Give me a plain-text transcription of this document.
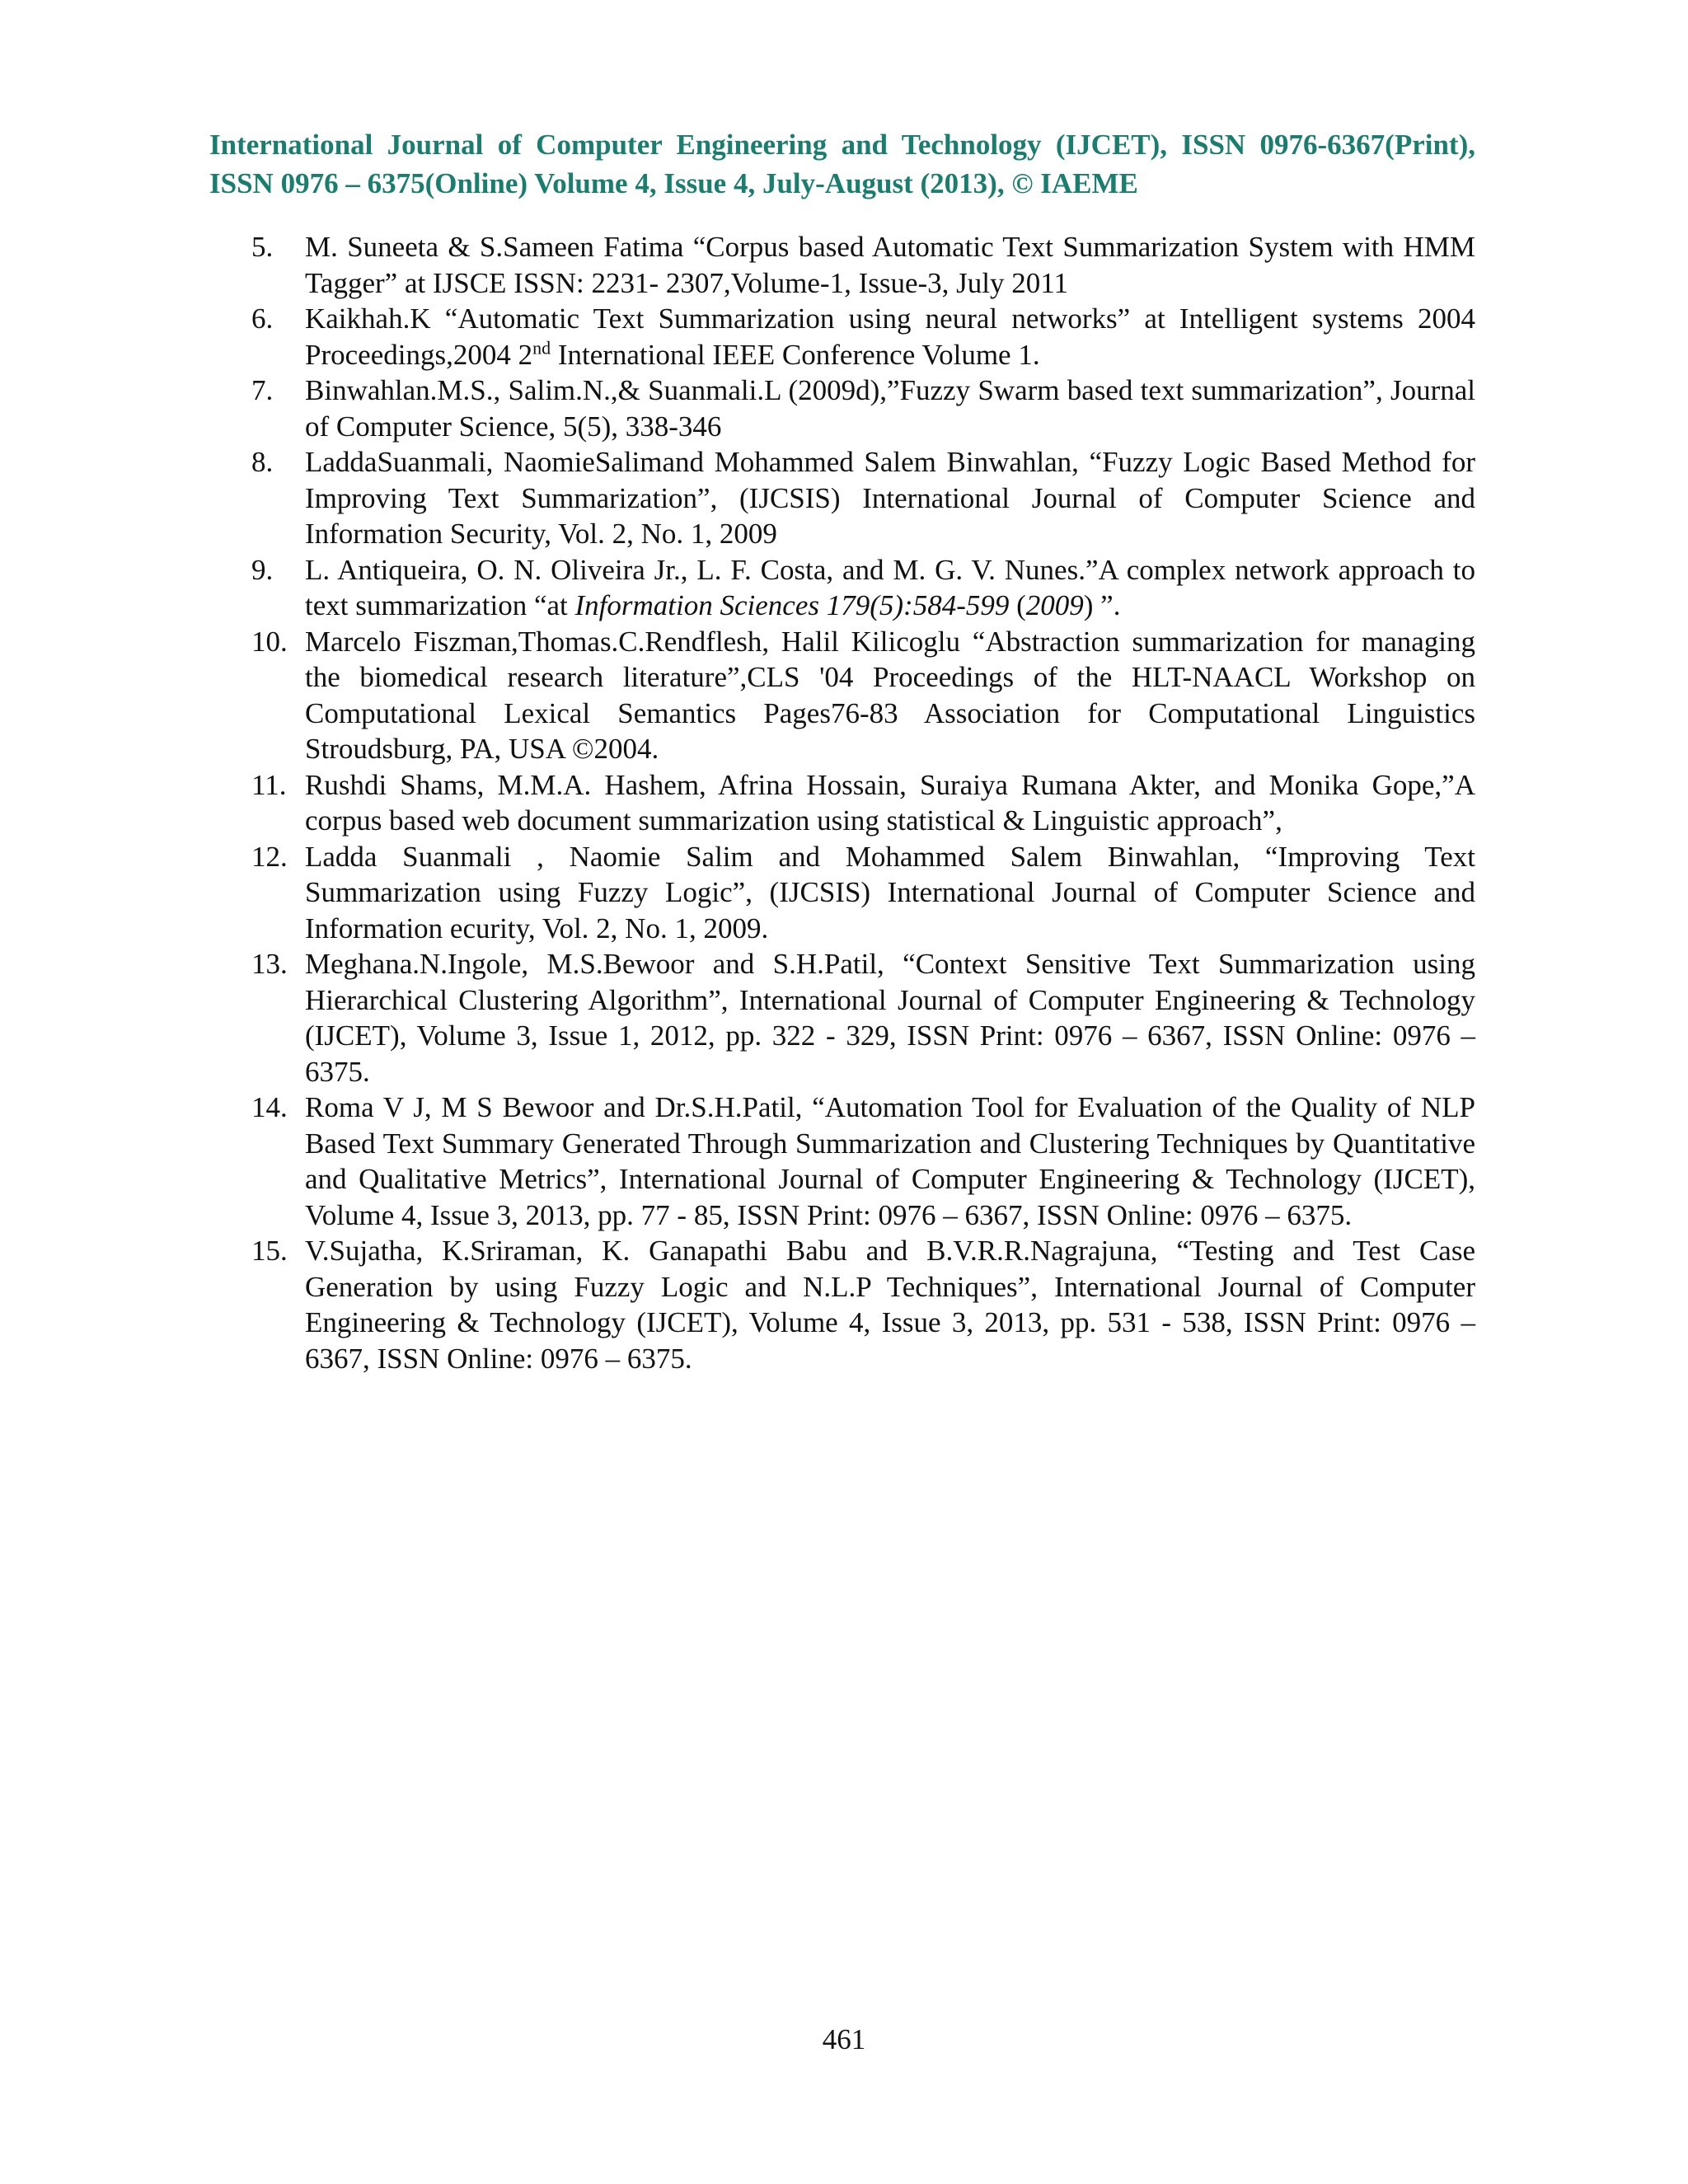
International Journal of Computer Engineering and Technology (IJCET), ISSN 0976-6367(Print), ISSN 0976 – 6375(Online) Volume 4, Issue 4, July-August (2013), © IAEME
5. M. Suneeta & S.Sameen Fatima “Corpus based Automatic Text Summarization System with HMM Tagger” at IJSCE ISSN: 2231- 2307,Volume-1, Issue-3, July 2011
6. Kaikhah.K “Automatic Text Summarization using neural networks” at Intelligent systems 2004 Proceedings,2004 2nd International IEEE Conference Volume 1.
7. Binwahlan.M.S., Salim.N.,& Suanmali.L (2009d),”Fuzzy Swarm based text summarization”, Journal of Computer Science, 5(5), 338-346
8. LaddaSuanmali, NaomieSalimand Mohammed Salem Binwahlan, “Fuzzy Logic Based Method for Improving Text Summarization”, (IJCSIS) International Journal of Computer Science and Information Security, Vol. 2, No. 1, 2009
9. L. Antiqueira, O. N. Oliveira Jr., L. F. Costa, and M. G. V. Nunes.”A complex network approach to text summarization “at Information Sciences 179(5):584-599 (2009) ”.
10. Marcelo Fiszman,Thomas.C.Rendflesh, Halil Kilicoglu “Abstraction summarization for managing the biomedical research literature”,CLS '04 Proceedings of the HLT-NAACL Workshop on Computational Lexical Semantics Pages76-83 Association for Computational Linguistics Stroudsburg, PA, USA ©2004.
11. Rushdi Shams, M.M.A. Hashem, Afrina Hossain, Suraiya Rumana Akter, and Monika Gope,”A corpus based web document summarization using statistical & Linguistic approach”,
12. Ladda Suanmali , Naomie Salim and Mohammed Salem Binwahlan, “Improving Text Summarization using Fuzzy Logic”, (IJCSIS) International Journal of Computer Science and Information ecurity, Vol. 2, No. 1, 2009.
13. Meghana.N.Ingole, M.S.Bewoor and S.H.Patil, “Context Sensitive Text Summarization using Hierarchical Clustering Algorithm”, International Journal of Computer Engineering & Technology (IJCET), Volume 3, Issue 1, 2012, pp. 322 - 329, ISSN Print: 0976 – 6367, ISSN Online: 0976 – 6375.
14. Roma V J, M S Bewoor and Dr.S.H.Patil, “Automation Tool for Evaluation of the Quality of NLP Based Text Summary Generated Through Summarization and Clustering Techniques by Quantitative and Qualitative Metrics”, International Journal of Computer Engineering & Technology (IJCET), Volume 4, Issue 3, 2013, pp. 77 - 85, ISSN Print: 0976 – 6367, ISSN Online: 0976 – 6375.
15. V.Sujatha, K.Sriraman, K. Ganapathi Babu and B.V.R.R.Nagrajuna, “Testing and Test Case Generation by using Fuzzy Logic and N.L.P Techniques”, International Journal of Computer Engineering & Technology (IJCET), Volume 4, Issue 3, 2013, pp. 531 - 538, ISSN Print: 0976 – 6367, ISSN Online: 0976 – 6375.
461
